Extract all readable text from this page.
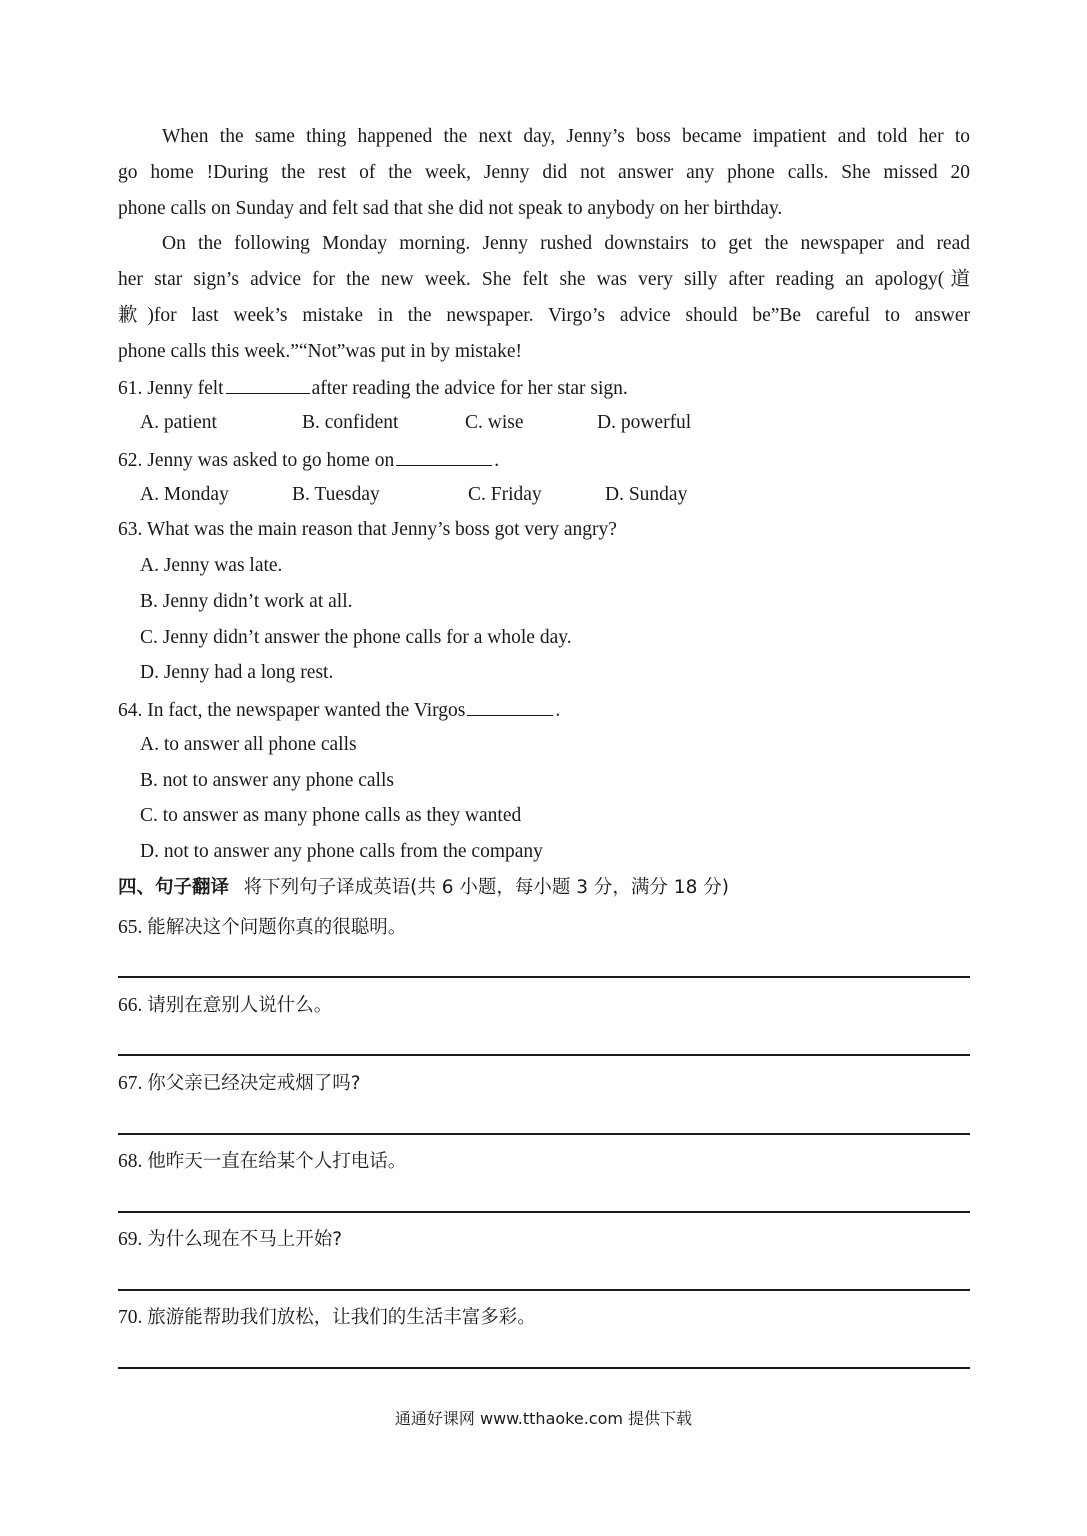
When the same thing happened the next day, Jenny’s boss became impatient and told her to
go home !During the rest of the week, Jenny did not answer any phone calls. She missed 20
phone calls on Sunday and felt sad that she did not speak to anybody on her birthday.
On the following Monday morning. Jenny rushed downstairs to get the newspaper and read
her star sign’s advice for the new week. She felt she was very silly after reading an apology(道
歉)for last week’s mistake in the newspaper. Virgo’s advice should be”Be careful to answer
phone calls this week.”“Not”was put in by mistake!
61. Jenny felt	after reading the advice for her star sign.
A. patient	B. confident	C. wise	D. powerful
62. Jenny was asked to go home on	.
A. Monday	B. Tuesday	C. Friday	D. Sunday
63. What was the main reason that Jenny’s boss got very angry?
A. Jenny was late.
B. Jenny didn’t work at all.
C. Jenny didn’t answer the phone calls for a whole day.
D. Jenny had a long rest.
64. In fact, the newspaper wanted the Virgos	.
A. to answer all phone calls
B. not to answer any phone calls
C. to answer as many phone calls as they wanted
D. not to answer any phone calls from the company
四、句子翻译 将下列句子译成英语(共 6 小题，每小题 3 分，满分 18 分)
65. 能解决这个问题你真的很聪明。
66. 请别在意别人说什么。
67. 你父亲已经决定戒烟了吗?
68. 他昨天一直在给某个人打电话。
69. 为什么现在不马上开始?
70. 旅游能帮助我们放松，让我们的生活丰富多彩。
通通好课网 www.tthaoke.com 提供下载
